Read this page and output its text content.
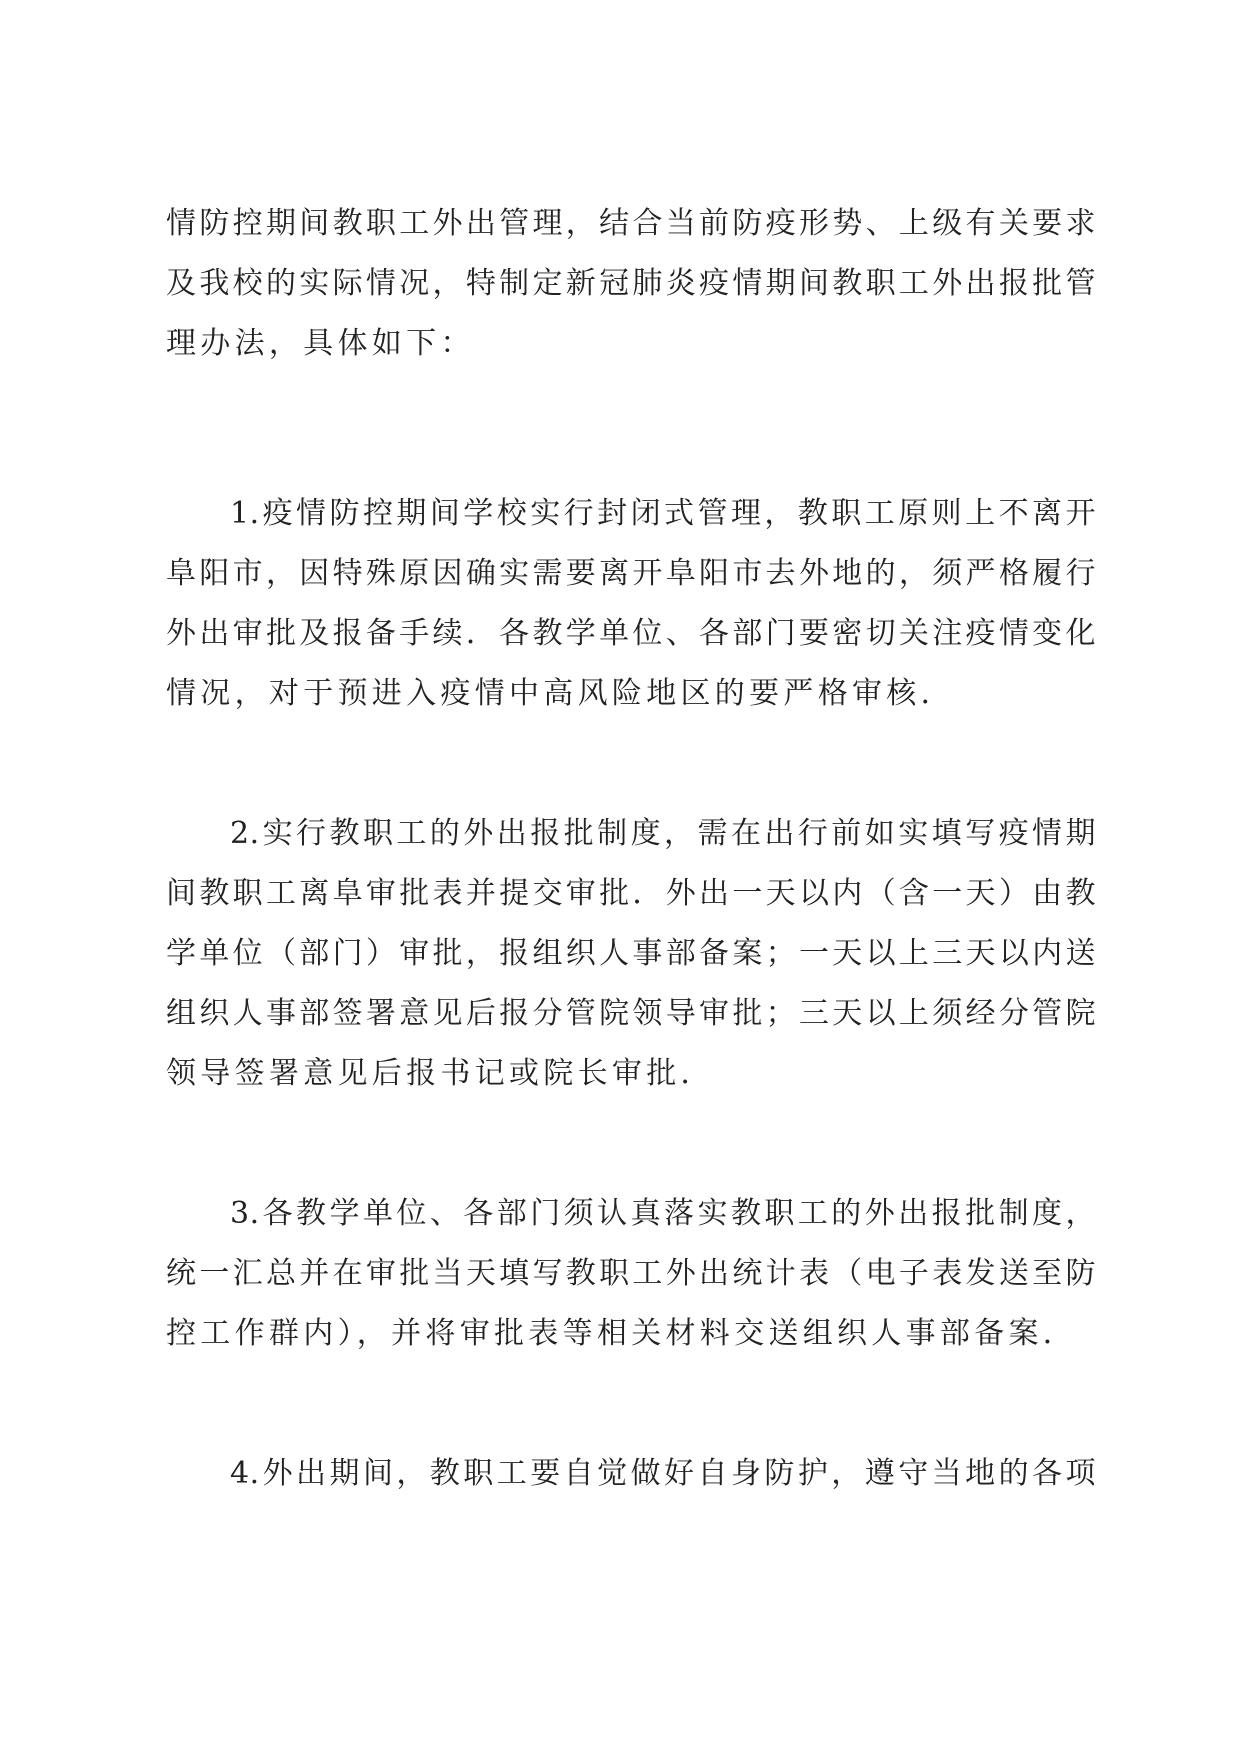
情防控期间教职工外出管理，结合当前防疫形势、上级有关要求
及我校的实际情况，特制定新冠肺炎疫情期间教职工外出报批管
理办法，具体如下：
1.疫情防控期间学校实行封闭式管理，教职工原则上不离开
阜阳市，因特殊原因确实需要离开阜阳市去外地的，须严格履行
外出审批及报备手续．各教学单位、各部门要密切关注疫情变化
情况，对于预进入疫情中高风险地区的要严格审核．
2.实行教职工的外出报批制度，需在出行前如实填写疫情期
间教职工离阜审批表并提交审批．外出一天以内（含一天）由教
学单位（部门）审批，报组织人事部备案；一天以上三天以内送
组织人事部签署意见后报分管院领导审批；三天以上须经分管院
领导签署意见后报书记或院长审批．
3.各教学单位、各部门须认真落实教职工的外出报批制度，
统一汇总并在审批当天填写教职工外出统计表（电子表发送至防
控工作群内），并将审批表等相关材料交送组织人事部备案．
4.外出期间，教职工要自觉做好自身防护，遵守当地的各项
